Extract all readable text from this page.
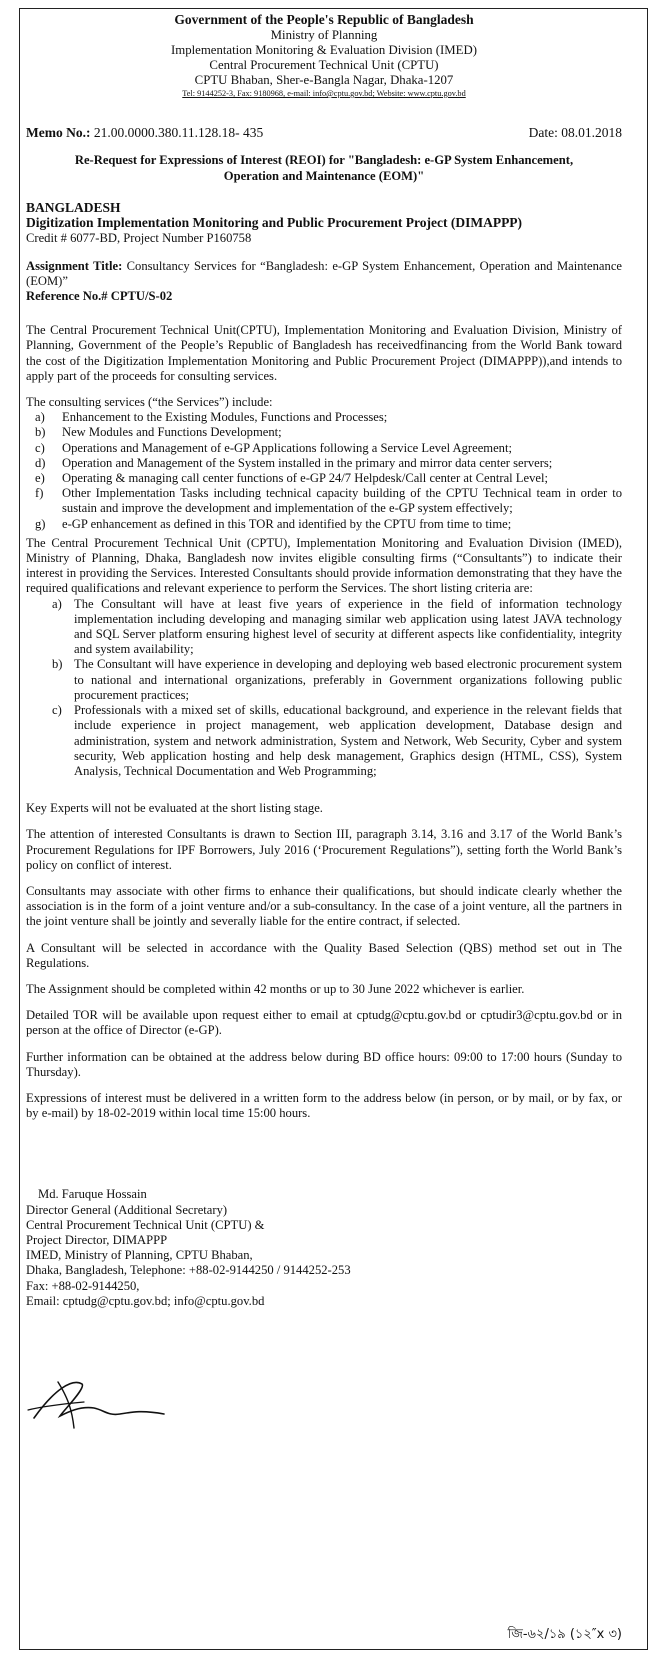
Government of the People's Republic of Bangladesh
Ministry of Planning
Implementation Monitoring & Evaluation Division (IMED)
Central Procurement Technical Unit (CPTU)
CPTU Bhaban, Sher-e-Bangla Nagar, Dhaka-1207
Tel: 9144252-3, Fax: 9180968, e-mail: info@cptu.gov.bd; Website: www.cptu.gov.bd
Memo No.: 21.00.0000.380.11.128.18- 435	Date: 08.01.2018
Re-Request for Expressions of Interest (REOI) for "Bangladesh: e-GP System Enhancement, Operation and Maintenance (EOM)"
BANGLADESH
Digitization Implementation Monitoring and Public Procurement Project (DIMAPPP)
Credit # 6077-BD, Project Number P160758
Assignment Title: Consultancy Services for “Bangladesh: e-GP System Enhancement, Operation and Maintenance (EOM)”
Reference No.# CPTU/S-02

The Central Procurement Technical Unit(CPTU), Implementation Monitoring and Evaluation Division, Ministry of Planning, Government of the People’s Republic of Bangladesh has receivedfinancing from the World Bank toward the cost of the Digitization Implementation Monitoring and Public Procurement Project (DIMAPPP)),and intends to apply part of the proceeds for consulting services.

The consulting services (“the Services”) include:

a)	Enhancement to the Existing Modules, Functions and Processes;
b)	New Modules and Functions Development;
c)	Operations and Management of e-GP Applications following a Service Level Agreement;
d)	Operation and Management of the System installed in the primary and mirror data center servers;
e)	Operating & managing call center functions of e-GP 24/7 Helpdesk/Call center at Central Level;
f)	Other Implementation Tasks including technical capacity building of the CPTU Technical team in order to sustain and improve the development and implementation of the e-GP system effectively;
g)	e-GP enhancement as defined in this TOR and identified by the CPTU from time to time;

The Central Procurement Technical Unit (CPTU), Implementation Monitoring and Evaluation Division (IMED), Ministry of Planning, Dhaka, Bangladesh now invites eligible consulting firms (“Consultants”) to indicate their interest in providing the Services. Interested Consultants should provide information demonstrating that they have the required qualifications and relevant experience to perform the Services. The short listing criteria are:

a) The Consultant will have at least five years of experience in the field of information technology implementation including developing and managing similar web application using latest JAVA technology and SQL Server platform ensuring highest level of security at different aspects like confidentiality, integrity and system availability;
b) The Consultant will have experience in developing and deploying web based electronic procurement system to national and international organizations, preferably in Government organizations following public procurement practices;
c) Professionals with a mixed set of skills, educational background, and experience in the relevant fields that include experience in project management, web application development, Database design and administration, system and network administration, System and Network, Web Security, Cyber and system security, Web application hosting and help desk management, Graphics design (HTML, CSS), System Analysis, Technical Documentation and Web Programming;

Key Experts will not be evaluated at the short listing stage.

The attention of interested Consultants is drawn to Section III, paragraph 3.14, 3.16 and 3.17 of the World Bank’s Procurement Regulations for IPF Borrowers, July 2016 (‘Procurement Regulations”), setting forth the World Bank’s policy on conflict of interest.

Consultants may associate with other firms to enhance their qualifications, but should indicate clearly whether the association is in the form of a joint venture and/or a sub-consultancy. In the case of a joint venture, all the partners in the joint venture shall be jointly and severally liable for the entire contract, if selected.

A Consultant will be selected in accordance with the Quality Based Selection (QBS) method set out in The Regulations.

The Assignment should be completed within 42 months or up to 30 June 2022 whichever is earlier.

Detailed TOR will be available upon request either to email at cptudg@cptu.gov.bd or cptudir3@cptu.gov.bd or in person at the office of Director (e-GP).

Further information can be obtained at the address below during BD office hours: 09:00 to 17:00 hours (Sunday to Thursday).

Expressions of interest must be delivered in a written form to the address below (in person, or by mail, or by fax, or by e-mail) by 18-02-2019 within local time 15:00 hours.

Md. Faruque Hossain
Director General (Additional Secretary)
Central Procurement Technical Unit (CPTU) &
Project Director, DIMAPPP
IMED, Ministry of Planning, CPTU Bhaban,
Dhaka, Bangladesh, Telephone: +88-02-9144250 / 9144252-253
Fax: +88-02-9144250,
Email: cptudg@cptu.gov.bd; info@cptu.gov.bd
জি-৬২/১৯ (১২″x ৩)
